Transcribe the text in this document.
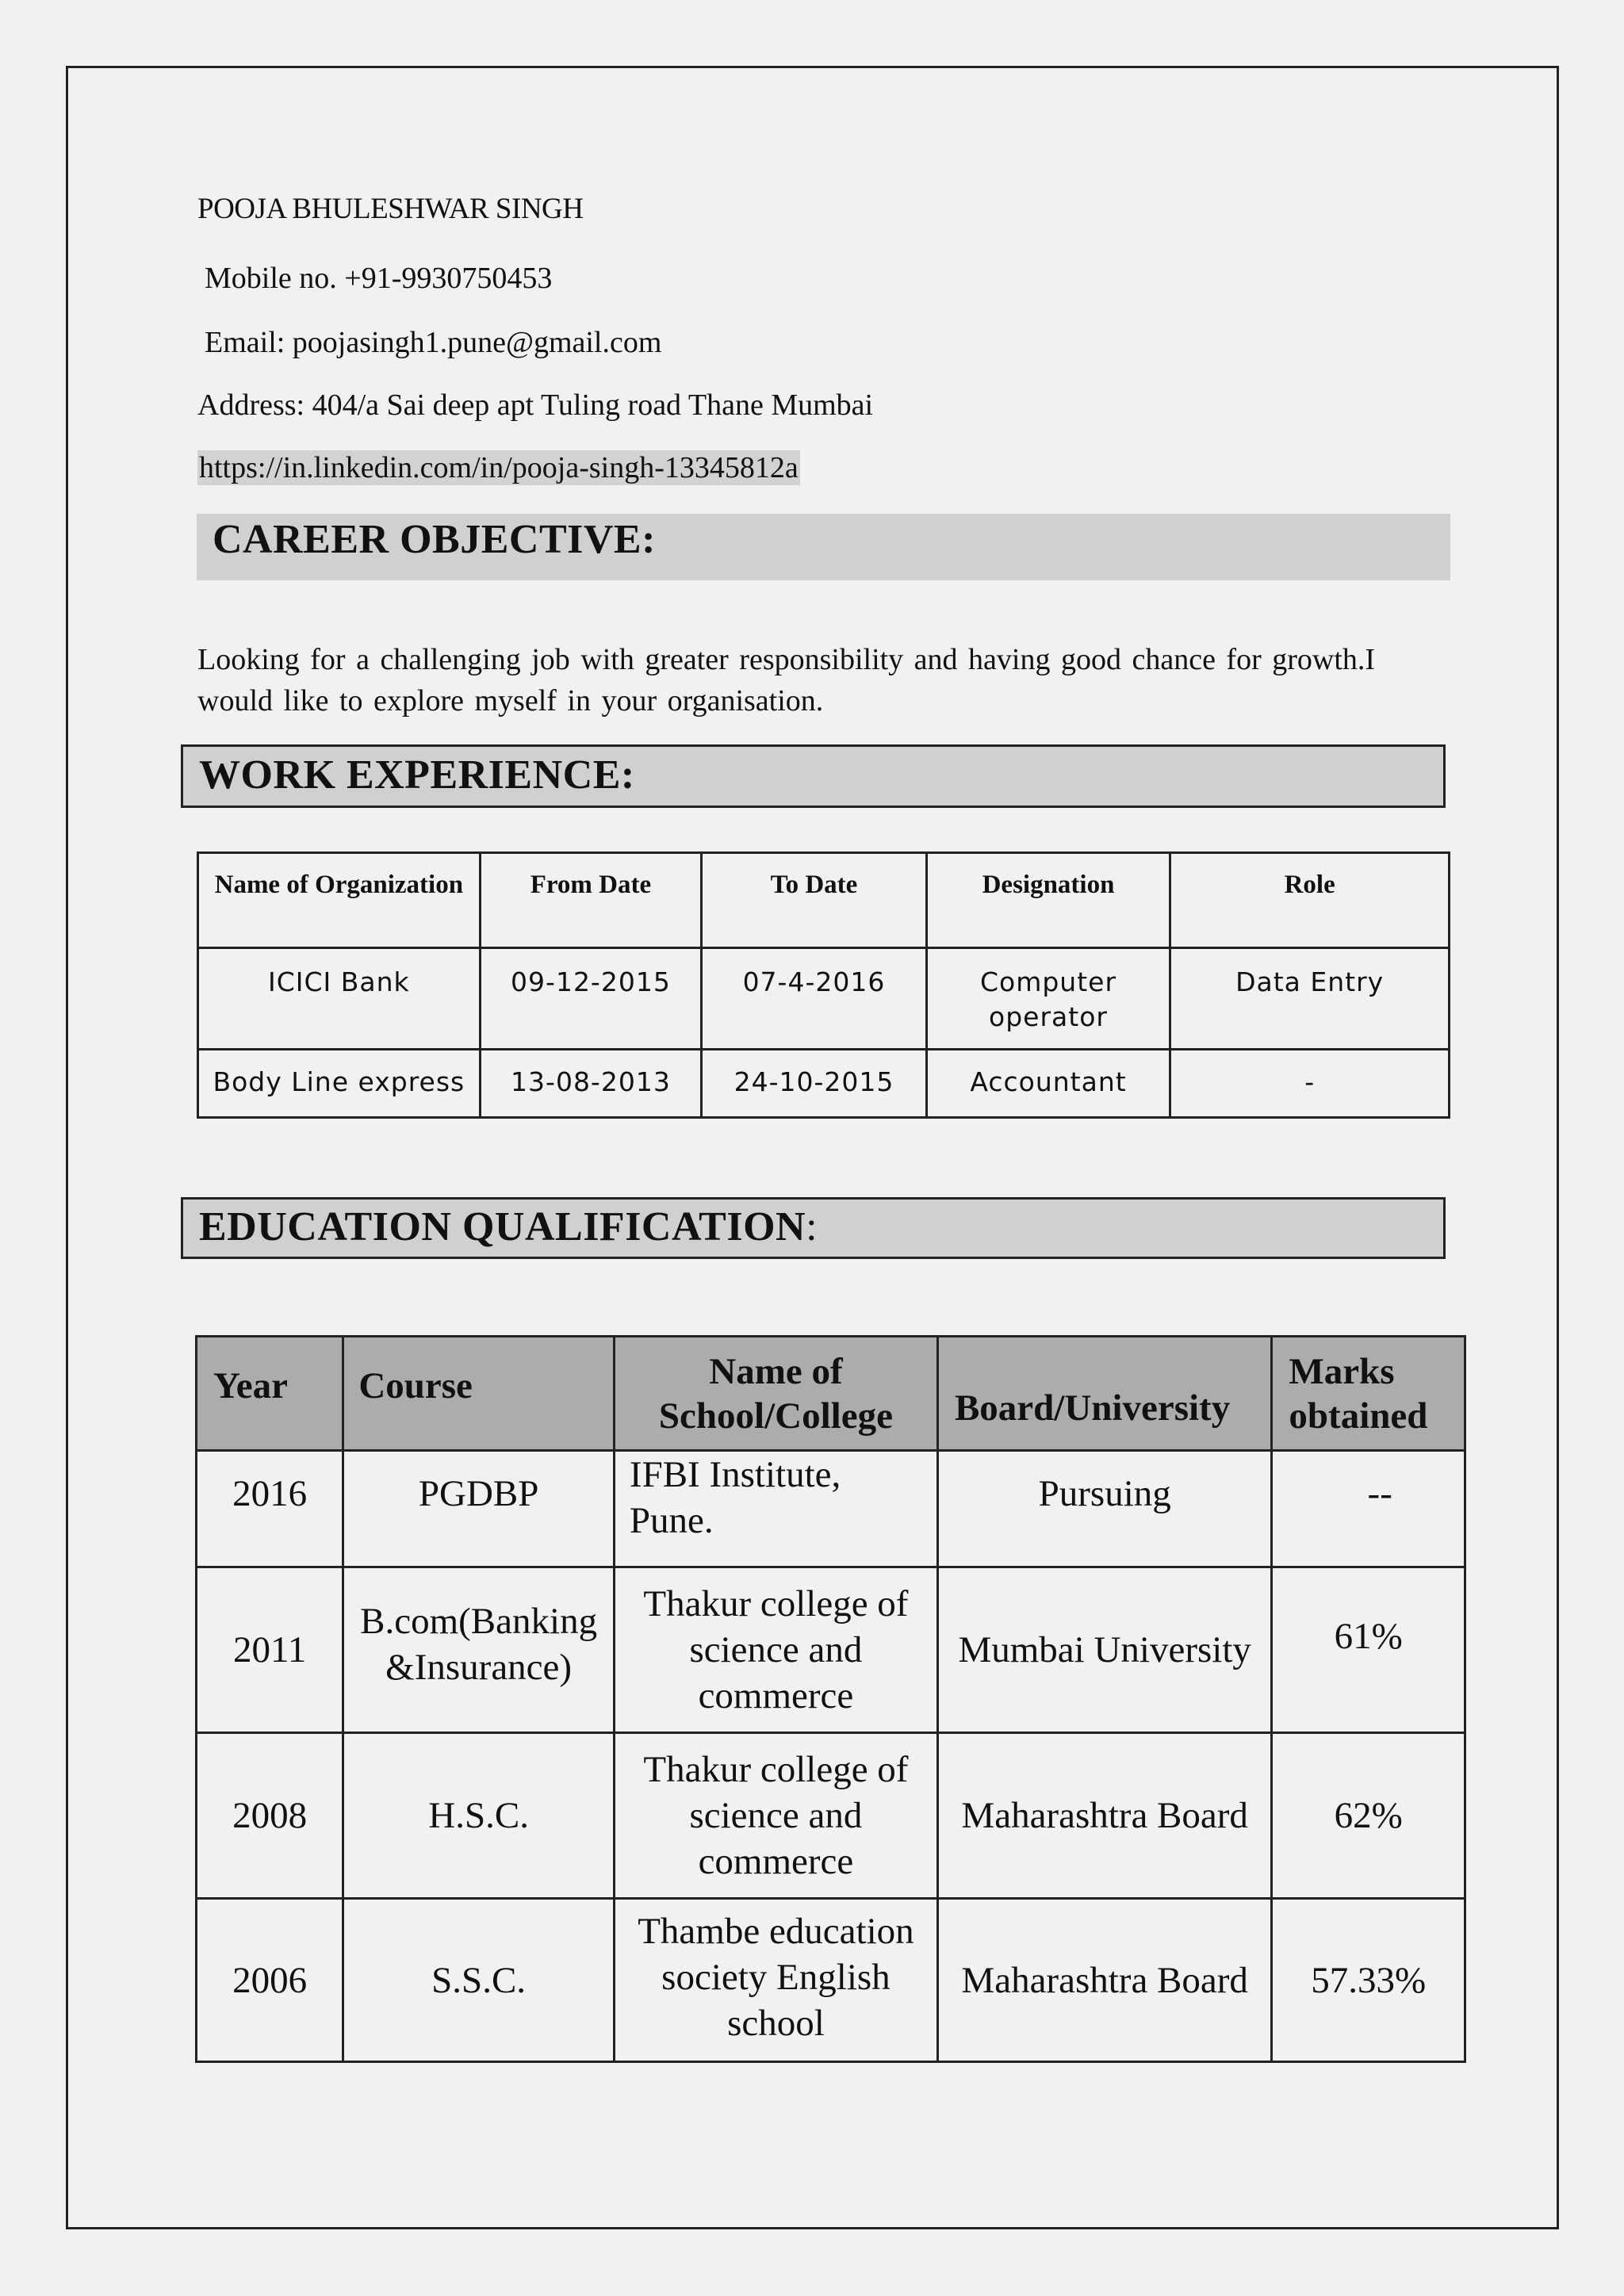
POOJA BHULESHWAR SINGH
Mobile no. +91-9930750453
Email: poojasingh1.pune@gmail.com
Address: 404/a Sai deep apt Tuling road Thane Mumbai
https://in.linkedin.com/in/pooja-singh-13345812a
CAREER OBJECTIVE:
Looking for a challenging job with greater responsibility and having good chance for growth.I would like to explore myself in your organisation.
WORK EXPERIENCE:
Name of Organization	From Date	To Date	Designation	Role
ICICI Bank	09-12-2015	07-4-2016	Computer operator	Data Entry
Body Line express	13-08-2013	24-10-2015	Accountant	-
EDUCATION QUALIFICATION:
Year	Course	Name of School/College	Board/University	Marks obtained
2016	PGDBP	IFBI Institute, Pune.	Pursuing	--
2011	B.com(Banking &Insurance)	Thakur college of science and commerce	Mumbai University	61%
2008	H.S.C.	Thakur college of science and commerce	Maharashtra Board	62%
2006	S.S.C.	Thambe education society English school	Maharashtra Board	57.33%
